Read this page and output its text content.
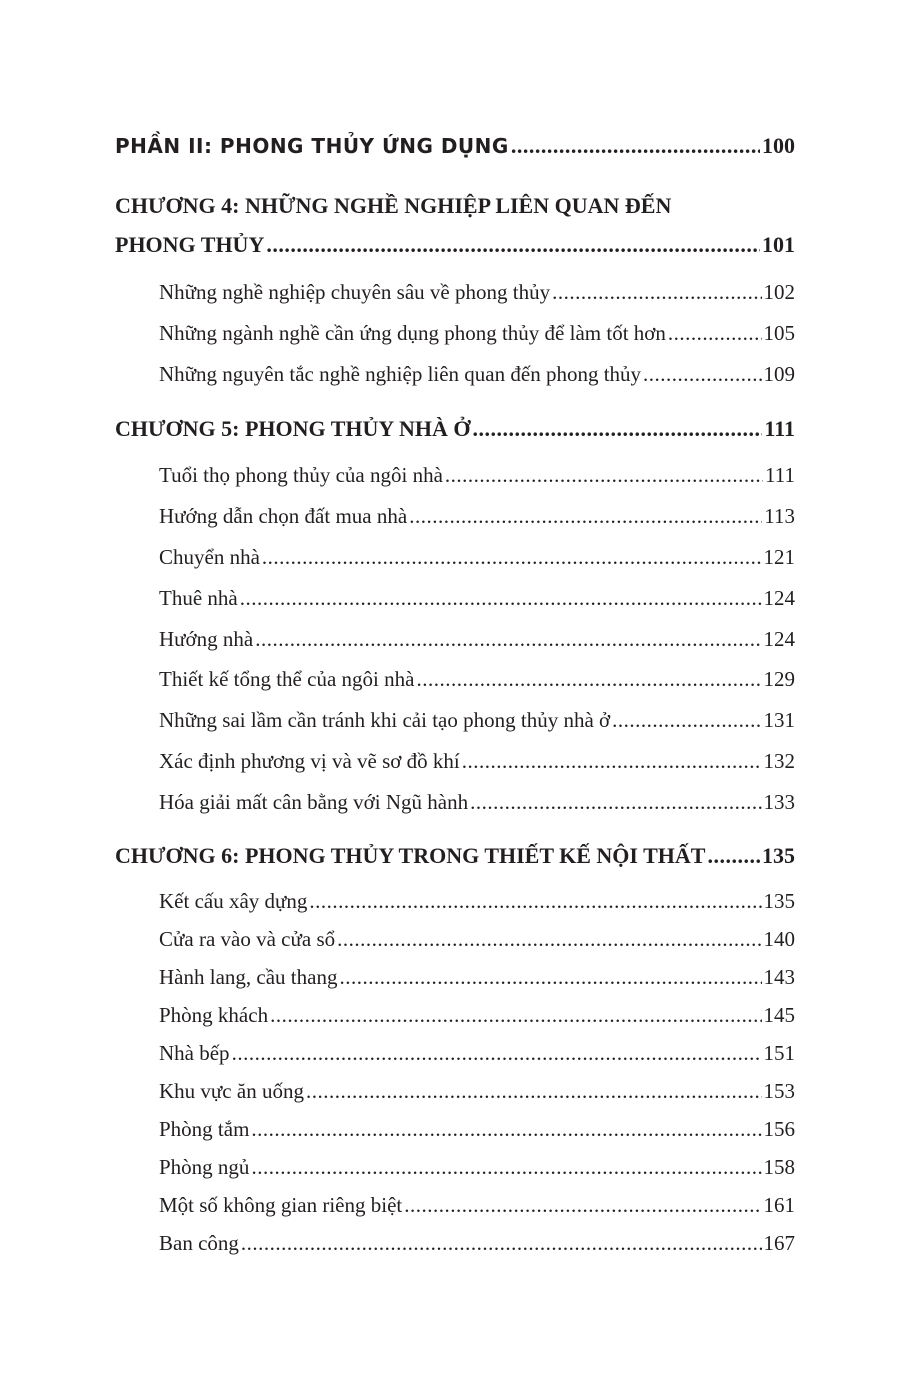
PHẦN II: PHONG THỦY ỨNG DỤNG .....	100
CHƯƠNG 4: NHỮNG NGHỀ NGHIỆP LIÊN QUAN ĐẾN
PHONG THỦY .....	101
Những nghề nghiệp chuyên sâu về phong thủy .....	102
Những ngành nghề cần ứng dụng phong thủy để làm tốt hơn .....	105
Những nguyên tắc nghề nghiệp liên quan đến phong thủy .....	109
CHƯƠNG 5: PHONG THỦY NHÀ Ở .....	111
Tuổi thọ phong thủy của ngôi nhà .....	111
Hướng dẫn chọn đất mua nhà .....	113
Chuyển nhà .....	121
Thuê nhà .....	124
Hướng nhà .....	124
Thiết kế tổng thể của ngôi nhà .....	129
Những sai lầm cần tránh khi cải tạo phong thủy nhà ở .....	131
Xác định phương vị và vẽ sơ đồ khí .....	132
Hóa giải mất cân bằng với Ngũ hành .....	133
CHƯƠNG 6: PHONG THỦY TRONG THIẾT KẾ NỘI THẤT .....	135
Kết cấu xây dựng .....	135
Cửa ra vào và cửa sổ .....	140
Hành lang, cầu thang .....	143
Phòng khách .....	145
Nhà bếp .....	151
Khu vực ăn uống .....	153
Phòng tắm .....	156
Phòng ngủ .....	158
Một số không gian riêng biệt .....	161
Ban công .....	167
